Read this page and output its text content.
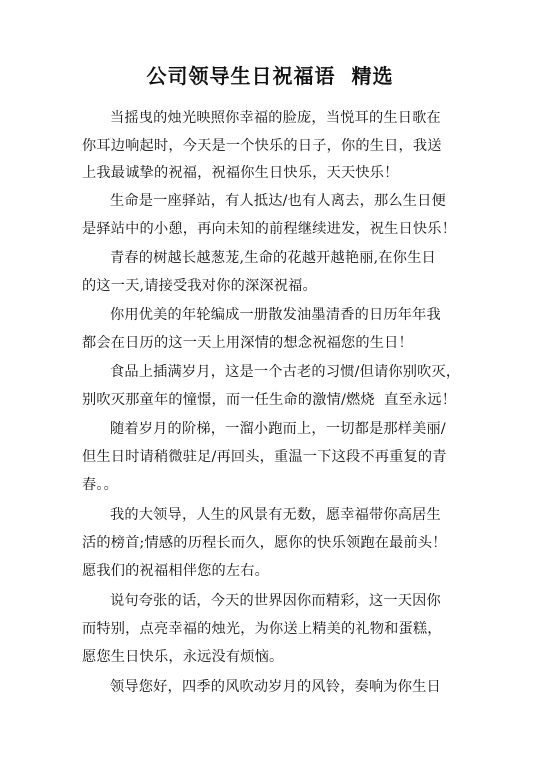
公司领导生日祝福语  精选
当摇曳的烛光映照你幸福的脸庞，当悦耳的生日歌在
你耳边响起时，今天是一个快乐的日子，你的生日，我送
上我最诚挚的祝福，祝福你生日快乐，天天快乐！
生命是一座驿站，有人抵达/也有人离去，那么生日便
是驿站中的小憩，再向未知的前程继续进发，祝生日快乐！
青春的树越长越葱茏,生命的花越开越艳丽,在你生日
的这一天,请接受我对你的深深祝福。
你用优美的年轮编成一册散发油墨清香的日历年年我
都会在日历的这一天上用深情的想念祝福您的生日！
食品上插满岁月，这是一个古老的习惯/但请你别吹灭，
别吹灭那童年的憧憬，而一任生命的激情/燃烧  直至永远！
随着岁月的阶梯，一溜小跑而上，一切都是那样美丽/
但生日时请稍微驻足/再回头，重温一下这段不再重复的青
春。。
我的大领导，人生的风景有无数，愿幸福带你高居生
活的榜首;情感的历程长而久，愿你的快乐领跑在最前头！
愿我们的祝福相伴您的左右。
说句夸张的话，今天的世界因你而精彩，这一天因你
而特别，点亮幸福的烛光，为你送上精美的礼物和蛋糕，
愿您生日快乐，永远没有烦恼。
领导您好，四季的风吹动岁月的风铃，奏响为你生日
